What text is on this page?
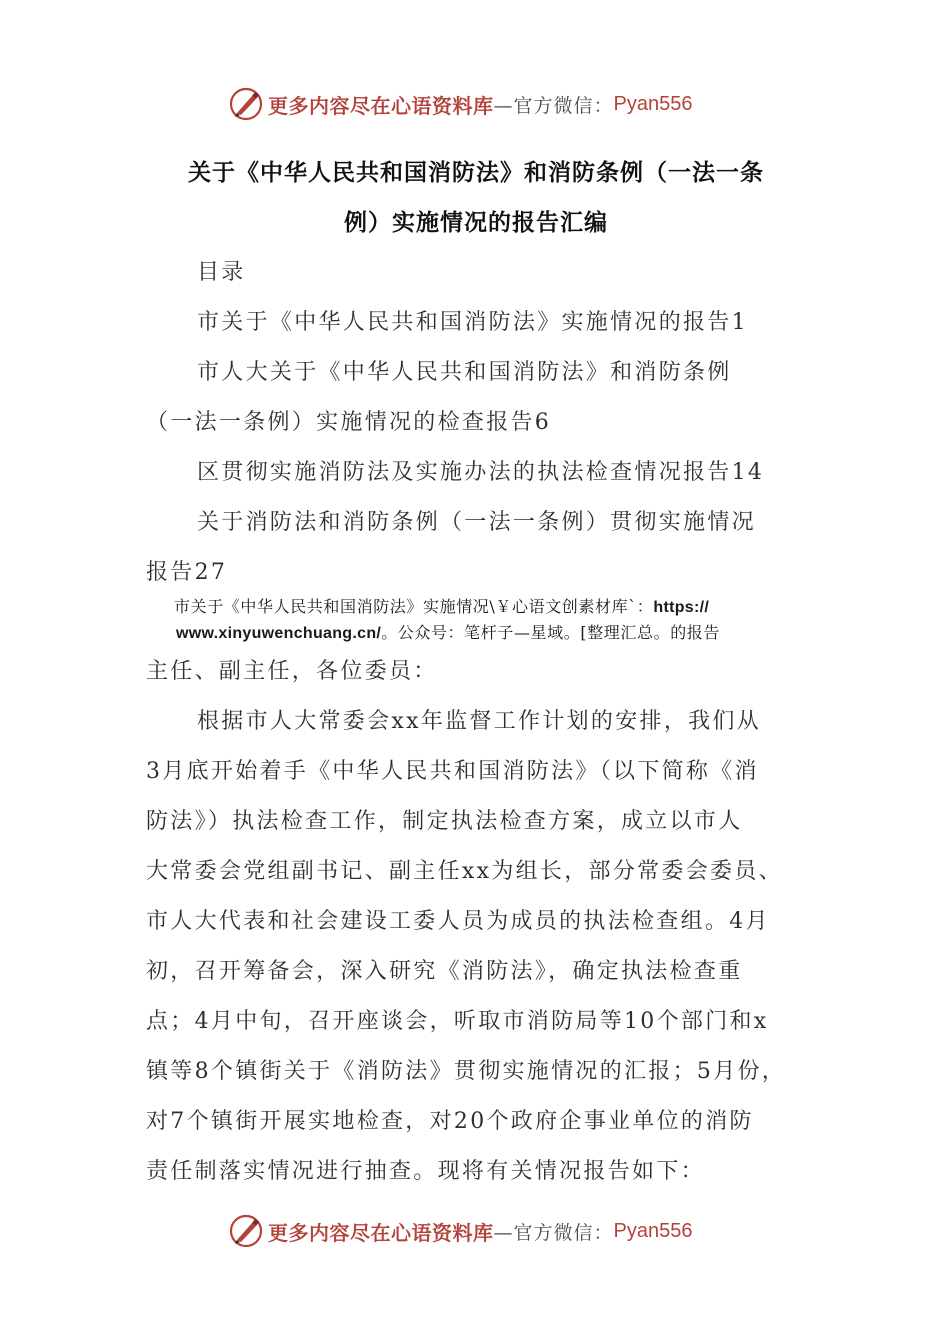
更多内容尽在心语资料库 —官方微信： Pyan556
关于《中华人民共和国消防法》和消防条例（一法一条
例）实施情况的报告汇编
目录
市关于《中华人民共和国消防法》实施情况的报告1
市人大关于《中华人民共和国消防法》和消防条例
（一法一条例）实施情况的检查报告6
区贯彻实施消防法及实施办法的执法检查情况报告14
关于消防法和消防条例（一法一条例）贯彻实施情况
报告27
市关于《中华人民共和国消防法》实施情况\￥心语文创素材库`：https://
www.xinyuwenchuang.cn/。公众号：笔杆子—星域。[整理汇总。的报告
主任、副主任，各位委员：
根据市人大常委会xx年监督工作计划的安排，我们从
3月底开始着手《中华人民共和国消防法》（以下简称《消
防法》）执法检查工作，制定执法检查方案，成立以市人
大常委会党组副书记、副主任xx为组长，部分常委会委员、
市人大代表和社会建设工委人员为成员的执法检查组。4月
初，召开筹备会，深入研究《消防法》，确定执法检查重
点；4月中旬，召开座谈会，听取市消防局等10个部门和x
镇等8个镇街关于《消防法》贯彻实施情况的汇报；5月份，
对7个镇街开展实地检查，对20个政府企事业单位的消防
责任制落实情况进行抽查。现将有关情况报告如下：
更多内容尽在心语资料库 —官方微信： Pyan556
